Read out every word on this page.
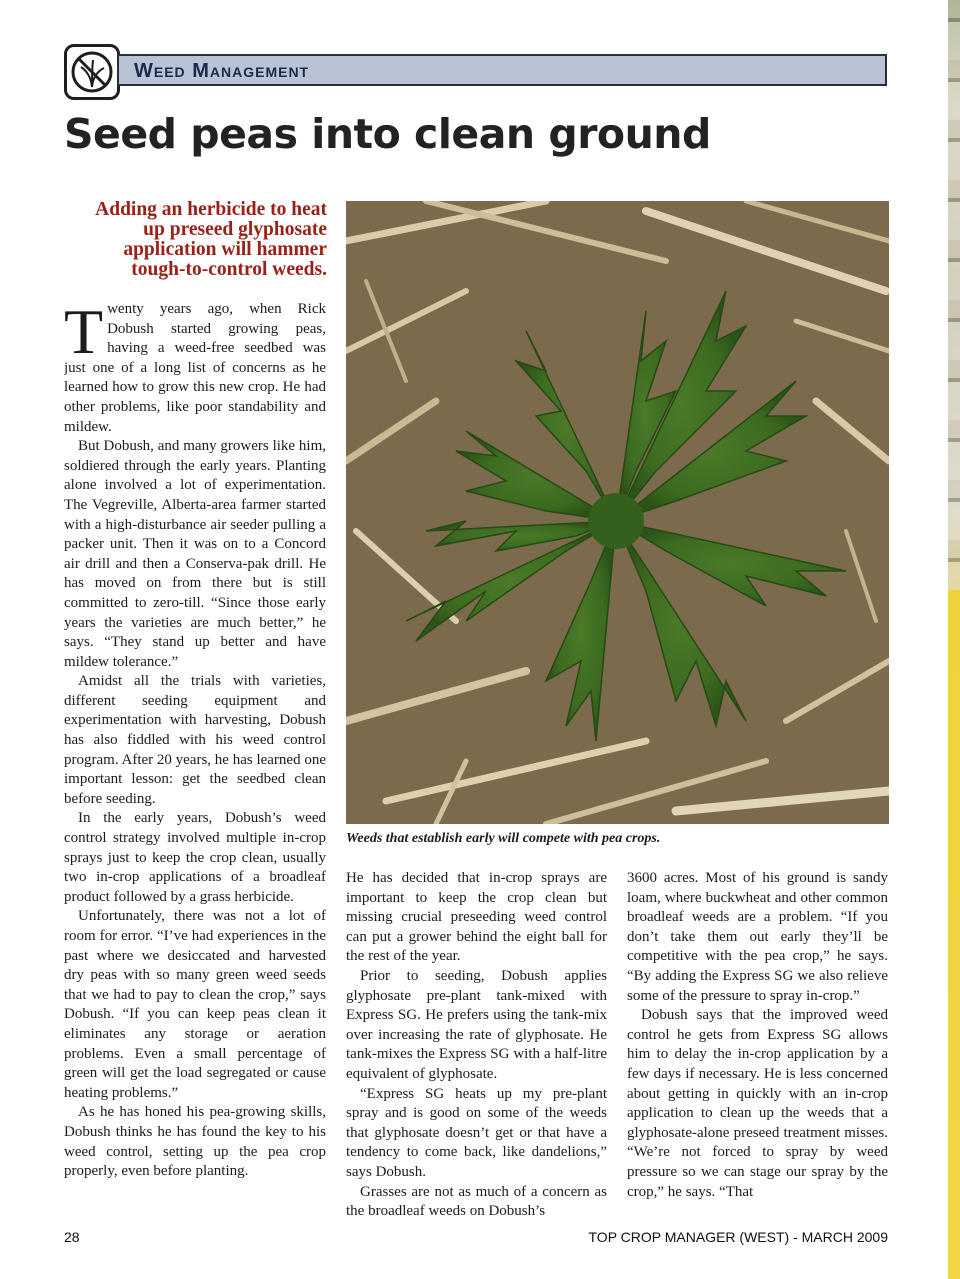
Weed Management
Seed peas into clean ground
Adding an herbicide to heat up preseed glyphosate application will hammer tough-to-control weeds.

Twenty years ago, when Rick Dobush started growing peas, having a weed-free seedbed was just one of a long list of concerns as he learned how to grow this new crop. He had other problems, like poor standability and mildew.

But Dobush, and many growers like him, soldiered through the early years. Planting alone involved a lot of experimentation. The Vegreville, Alberta-area farmer started with a high-disturbance air seeder pulling a packer unit. Then it was on to a Concord air drill and then a Conserva-pak drill. He has moved on from there but is still committed to zero-till. “Since those early years the varieties are much better,” he says. “They stand up better and have mildew tolerance.”

Amidst all the trials with varieties, different seeding equipment and experimentation with harvesting, Dobush has also fiddled with his weed control program. After 20 years, he has learned one important lesson: get the seedbed clean before seeding.

In the early years, Dobush’s weed control strategy involved multiple in-crop sprays just to keep the crop clean, usually two in-crop applications of a broadleaf product followed by a grass herbicide.

Unfortunately, there was not a lot of room for error. “I’ve had experiences in the past where we desiccated and harvested dry peas with so many green weed seeds that we had to pay to clean the crop,” says Dobush. “If you can keep peas clean it eliminates any storage or aeration problems. Even a small percentage of green will get the load segregated or cause heating problems.”

As he has honed his pea-growing skills, Dobush thinks he has found the key to his weed control, setting up the pea crop properly, even before planting.

Weeds that establish early will compete with pea crops.

He has decided that in-crop sprays are important to keep the crop clean but missing crucial preseeding weed control can put a grower behind the eight ball for the rest of the year.

Prior to seeding, Dobush applies glyphosate pre-plant tank-mixed with Express SG. He prefers using the tank-mix over increasing the rate of glyphosate. He tank-mixes the Express SG with a half-litre equivalent of glyphosate.

“Express SG heats up my pre-plant spray and is good on some of the weeds that glyphosate doesn’t get or that have a tendency to come back, like dandelions,” says Dobush.

Grasses are not as much of a concern as the broadleaf weeds on Dobush’s

3600 acres. Most of his ground is sandy loam, where buckwheat and other common broadleaf weeds are a problem. “If you don’t take them out early they’ll be competitive with the pea crop,” he says. “By adding the Express SG we also relieve some of the pressure to spray in-crop.”

Dobush says that the improved weed control he gets from Express SG allows him to delay the in-crop application by a few days if necessary. He is less concerned about getting in quickly with an in-crop application to clean up the weeds that a glyphosate-alone preseed treatment misses. “We’re not forced to spray by weed pressure so we can stage our spray by the crop,” he says. “That

28	TOP CROP MANAGER (WEST) - MARCH 2009
